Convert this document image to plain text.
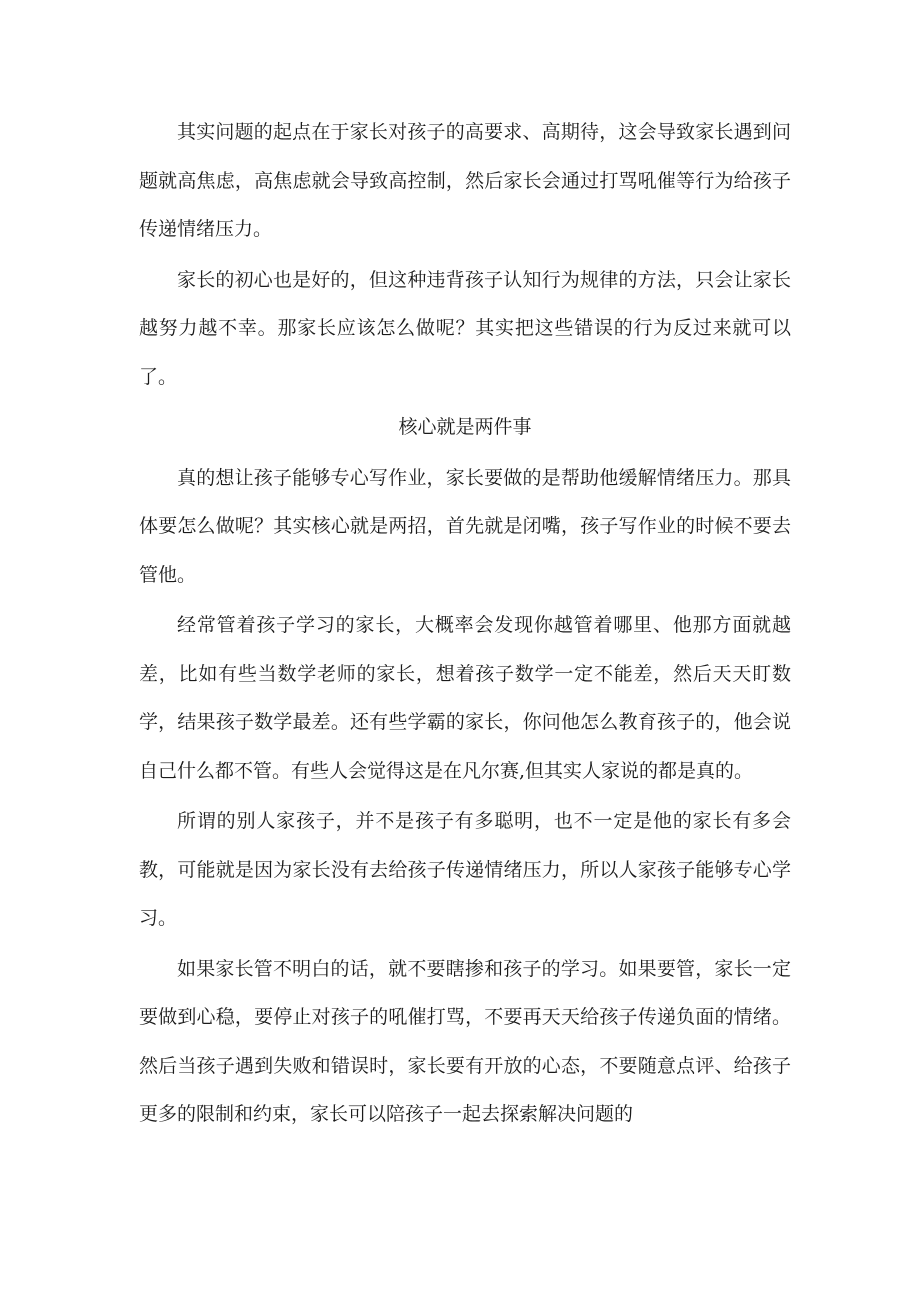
其实问题的起点在于家长对孩子的高要求、高期待，这会导致家长遇到问题就高焦虑，高焦虑就会导致高控制，然后家长会通过打骂吼催等行为给孩子传递情绪压力。

家长的初心也是好的，但这种违背孩子认知行为规律的方法，只会让家长越努力越不幸。那家长应该怎么做呢？其实把这些错误的行为反过来就可以了。

核心就是两件事

真的想让孩子能够专心写作业，家长要做的是帮助他缓解情绪压力。那具体要怎么做呢？其实核心就是两招，首先就是闭嘴，孩子写作业的时候不要去管他。

经常管着孩子学习的家长，大概率会发现你越管着哪里、他那方面就越差，比如有些当数学老师的家长，想着孩子数学一定不能差，然后天天盯数学，结果孩子数学最差。还有些学霸的家长，你问他怎么教育孩子的，他会说自己什么都不管。有些人会觉得这是在凡尔赛,但其实人家说的都是真的。

所谓的别人家孩子，并不是孩子有多聪明，也不一定是他的家长有多会教，可能就是因为家长没有去给孩子传递情绪压力，所以人家孩子能够专心学习。

如果家长管不明白的话，就不要瞎掺和孩子的学习。如果要管，家长一定要做到心稳，要停止对孩子的吼催打骂，不要再天天给孩子传递负面的情绪。然后当孩子遇到失败和错误时，家长要有开放的心态，不要随意点评、给孩子更多的限制和约束，家长可以陪孩子一起去探索解决问题的
